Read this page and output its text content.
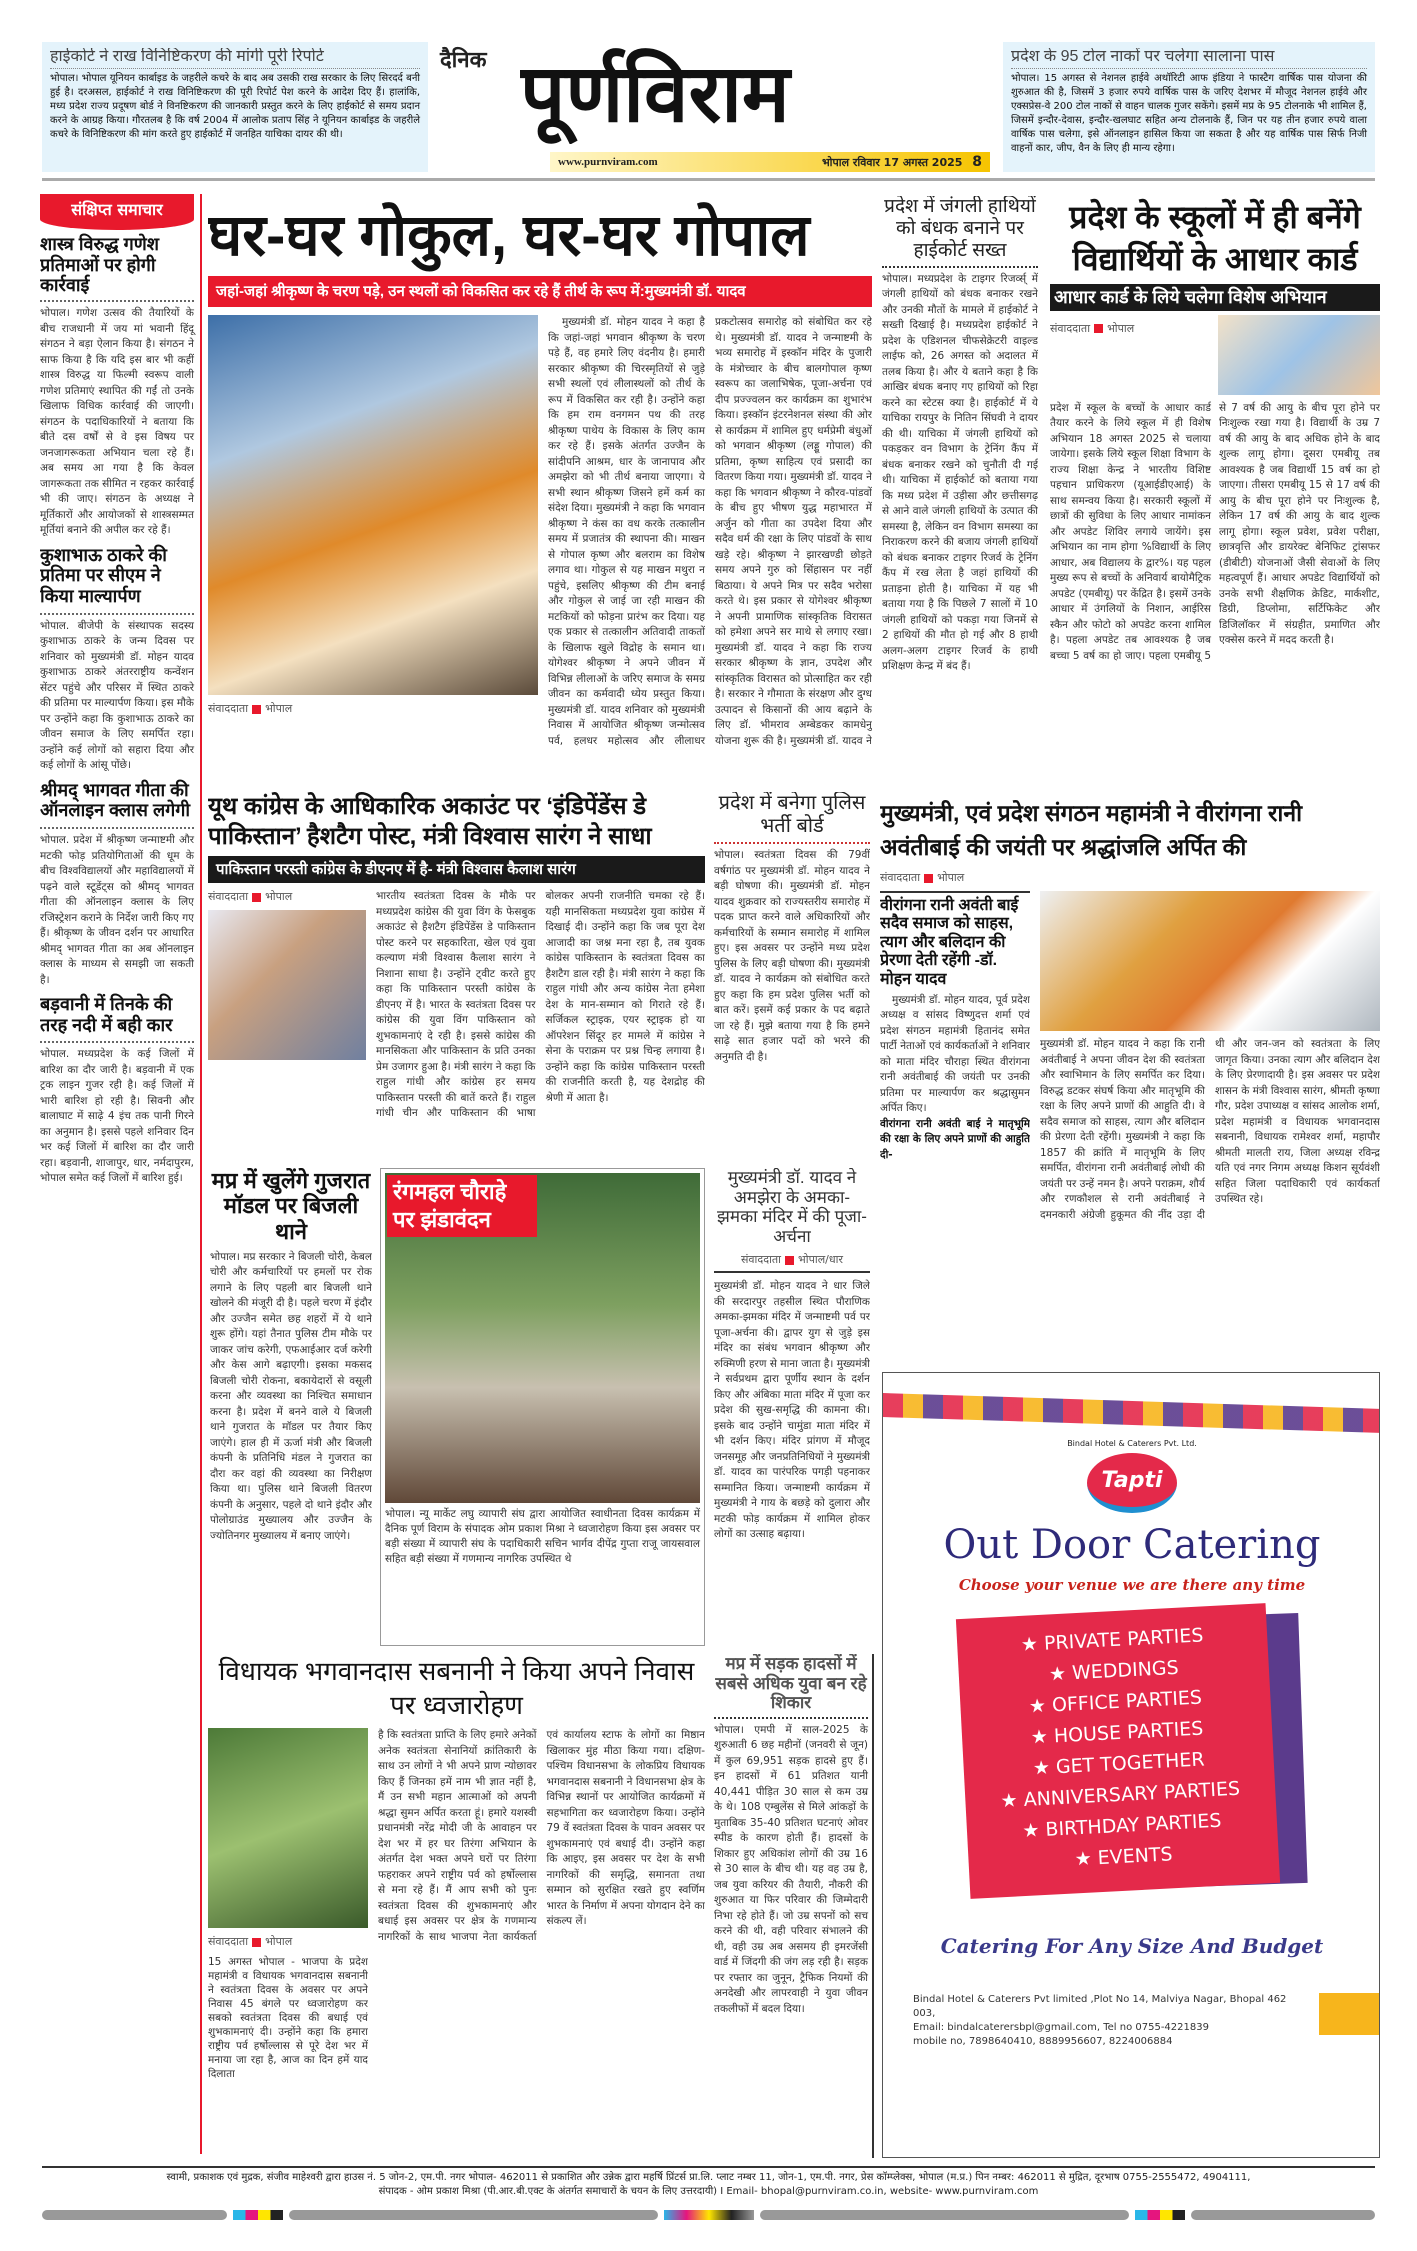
हाईकोर्ट ने राख विनिष्टिकरण की मांगी पूरी रिपोर्ट
भोपाल। भोपाल यूनियन कार्बाइड के जहरीले कचरे के बाद अब उसकी राख सरकार के लिए सिरदर्द बनी हुई है। दरअसल, हाईकोर्ट ने राख विनिष्टिकरण की पूरी रिपोर्ट पेश करने के आदेश दिए हैं। हालांकि, मध्य प्रदेश राज्य प्रदूषण बोर्ड ने विनष्टिकरण की जानकारी प्रस्तुत करने के लिए हाईकोर्ट से समय प्रदान करने के आग्रह किया। गौरतलब है कि वर्ष 2004 में आलोक प्रताप सिंह ने यूनियन कार्बाइड के जहरीले कचरे के विनिष्टिकरण की मांग करते हुए हाईकोर्ट में जनहित याचिका दायर की थी।
दैनिक पूर्णविराम
www.purnviram.com	भोपाल रविवार 17 अगस्त 2025 8
प्रदेश के 95 टोल नाकों पर चलेगा सालाना पास
भोपाल। 15 अगस्त से नेशनल हाईवे अथॉरिटी आफ इंडिया ने फास्टैग वार्षिक पास योजना की शुरुआत की है, जिसमें 3 हजार रुपये वार्षिक पास के जरिए देशभर में मौजूद नेशनल हाईवे और एक्सप्रेस-वे 200 टोल नाकों से वाहन चालक गुजर सकेंगे। इसमें मप्र के 95 टोलनाके भी शामिल हैं, जिसमें इन्दौर-देवास, इन्दौर-खलघाट सहित अन्य टोलनाके हैं, जिन पर यह तीन हजार रुपये वाला वार्षिक पास चलेगा, इसे ऑनलाइन हासिल किया जा सकता है और यह वार्षिक पास सिर्फ निजी वाहनों कार, जीप, वैन के लिए ही मान्य रहेगा।
संक्षिप्त समाचार
शास्त्र विरुद्ध गणेश प्रतिमाओं पर होगी कार्रवाई
भोपाल। गणेश उत्सव की तैयारियों के बीच राजधानी में जय मां भवानी हिंदू संगठन ने बड़ा ऐलान किया है। संगठन ने साफ किया है कि यदि इस बार भी कहीं शास्त्र विरुद्ध या फिल्मी स्वरूप वाली गणेश प्रतिमाएं स्थापित की गईं तो उनके खिलाफ विधिक कार्रवाई की जाएगी। संगठन के पदाधिकारियों ने बताया कि बीते दस वर्षों से वे इस विषय पर जनजागरूकता अभियान चला रहे हैं। अब समय आ गया है कि केवल जागरूकता तक सीमित न रहकर कार्रवाई भी की जाए। संगठन के अध्यक्ष ने मूर्तिकारों और आयोजकों से शास्त्रसम्मत मूर्तियां बनाने की अपील कर रहे हैं।
कुशाभाऊ ठाकरे की प्रतिमा पर सीएम ने किया माल्यार्पण
भोपाल. बीजेपी के संस्थापक सदस्य कुशाभाऊ ठाकरे के जन्म दिवस पर शनिवार को मुख्यमंत्री डॉ. मोहन यादव कुशाभाऊ ठाकरे अंतरराष्ट्रीय कन्वेंशन सेंटर पहुंचे और परिसर में स्थित ठाकरे की प्रतिमा पर माल्यार्पण किया। इस मौके पर उन्होंने कहा कि कुशाभाऊ ठाकरे का जीवन समाज के लिए समर्पित रहा। उन्होंने कई लोगों को सहारा दिया और कई लोगों के आंसू पोंछे।
श्रीमद् भागवत गीता की ऑनलाइन क्लास लगेगी
भोपाल. प्रदेश में श्रीकृष्ण जन्माष्टमी और मटकी फोड़ प्रतियोगिताओं की धूम के बीच विश्वविद्यालयों और महाविद्यालयों में पढ़ने वाले स्टूडेंट्स को श्रीमद् भागवत गीता की ऑनलाइन क्लास के लिए रजिस्ट्रेशन कराने के निर्देश जारी किए गए हैं। श्रीकृष्ण के जीवन दर्शन पर आधारित श्रीमद् भागवत गीता का अब ऑनलाइन क्लास के माध्यम से समझी जा सकती है।
बड़वानी में तिनके की तरह नदी में बही कार
भोपाल. मध्यप्रदेश के कई जिलों में बारिश का दौर जारी है। बड़वानी में एक ट्रक लाइन गुजर रही है। कई जिलों में भारी बारिश हो रही है। सिवनी और बालाघाट में साढ़े 4 इंच तक पानी गिरने का अनुमान है। इससे पहले शनिवार दिन भर कई जिलों में बारिश का दौर जारी रहा। बड़वानी, शाजापुर, धार, नर्मदापुरम, भोपाल समेत कई जिलों में बारिश हुई।
घर-घर गोकुल, घर-घर गोपाल
जहां-जहां श्रीकृष्ण के चरण पड़े, उन स्थलों को विकसित कर रहे हैं तीर्थ के रूप में:मुख्यमंत्री डॉ. यादव
संवाददाता भोपाल
मुख्यमंत्री डॉ. मोहन यादव ने कहा है कि जहां-जहां भगवान श्रीकृष्ण के चरण पड़े हैं, वह हमारे लिए वंदनीय है। हमारी सरकार श्रीकृष्ण की चिरस्मृतियों से जुड़े सभी स्थलों एवं लीलास्थलों को तीर्थ के रूप में विकसित कर रही है। उन्होंने कहा कि हम राम वनगमन पथ की तरह श्रीकृष्ण पाथेय के विकास के लिए काम कर रहे हैं। इसके अंतर्गत उज्जैन के सांदीपनि आश्रम, धार के जानापाव और अमझेरा को भी तीर्थ बनाया जाएगा। ये सभी स्थान श्रीकृष्ण जिसने हमें कर्म का संदेश दिया। मुख्यमंत्री ने कहा कि भगवान श्रीकृष्ण ने कंस का वध करके तत्कालीन समय में प्रजातंत्र की स्थापना की। माखन से गोपाल कृष्ण और बलराम का विशेष लगाव था। गोकुल से यह माखन मथुरा न पहुंचे, इसलिए श्रीकृष्ण की टीम बनाई और गोकुल से जाई जा रही माखन की मटकियों को फोड़ना प्रारंभ कर दिया। यह एक प्रकार से तत्कालीन अतिवादी ताकतों के खिलाफ खुले विद्रोह के समान था। योगेश्वर श्रीकृष्ण ने अपने जीवन में विभिन्न लीलाओं के जरिए समाज के समग्र जीवन का कर्मवादी ध्येय प्रस्तुत किया। मुख्यमंत्री डॉ. यादव शनिवार को मुख्यमंत्री निवास में आयोजित श्रीकृष्ण जन्मोत्सव पर्व, हलधर महोत्सव और लीलाधर प्रकटोत्सव समारोह को संबोधित कर रहे थे। मुख्यमंत्री डॉ. यादव ने जन्माष्टमी के भव्य समारोह में इस्कॉन मंदिर के पुजारी के मंत्रोच्चार के बीच बालगोपाल कृष्ण स्वरूप का जलाभिषेक, पूजा-अर्चना एवं दीप प्रज्ज्वलन कर कार्यक्रम का शुभारंभ किया। इस्कॉन इंटरनेशनल संस्था की ओर से कार्यक्रम में शामिल हुए धर्मप्रेमी बंधुओं को भगवान श्रीकृष्ण (लड्डू गोपाल) की प्रतिमा, कृष्ण साहित्य एवं प्रसादी का वितरण किया गया। मुख्यमंत्री डॉ. यादव ने कहा कि भगवान श्रीकृष्ण ने कौरव-पांडवों के बीच हुए भीषण युद्ध महाभारत में अर्जुन को गीता का उपदेश दिया और सदैव धर्म की रक्षा के लिए पांडवों के साथ खड़े रहे। श्रीकृष्ण ने झारखण्डी छोड़ते समय अपने गुरु को सिंहासन पर नहीं बिठाया। ये अपने मित्र पर सदैव भरोसा करते थे। इस प्रकार से योगेश्वर श्रीकृष्ण ने अपनी प्रामाणिक सांस्कृतिक विरासत को हमेशा अपने सर माथे से लगाए रखा। मुख्यमंत्री डॉ. यादव ने कहा कि राज्य सरकार श्रीकृष्ण के ज्ञान, उपदेश और सांस्कृतिक विरासत को प्रोत्साहित कर रही है। सरकार ने गौमाता के संरक्षण और दुग्ध उत्पादन से किसानों की आय बढ़ाने के लिए डॉ. भीमराव अम्बेडकर कामधेनु योजना शुरू की है। मुख्यमंत्री डॉ. यादव ने
प्रदेश में जंगली हाथियों को बंधक बनाने पर हाईकोर्ट सख्त
भोपाल। मध्यप्रदेश के टाइगर रिजर्व्स् में जंगली हाथियों को बंधक बनाकर रखने और उनकी मौतों के मामले में हाईकोर्ट ने सख्ती दिखाई है। मध्यप्रदेश हाईकोर्ट ने प्रदेश के एडिशनल चीफसेक्रेटरी वाइल्ड लाईफ को, 26 अगस्त को अदालत में तलब किया है। और ये बताने कहा है कि आखिर बंधक बनाए गए हाथियों को रिहा करने का स्टेटस क्या है। हाईकोर्ट में ये याचिका रायपुर के नितिन सिंघवी ने दायर की थी। याचिका में जंगली हाथियों को पकड़कर वन विभाग के ट्रेनिंग कैंप में बंधक बनाकर रखने को चुनौती दी गई थी। याचिका में हाईकोर्ट को बताया गया कि मध्य प्रदेश में उड़ीसा और छत्तीसगढ़ से आने वाले जंगली हाथियों के उत्पात की समस्या है, लेकिन वन विभाग समस्या का निराकरण करने की बजाय जंगली हाथियों को बंधक बनाकर टाइगर रिजर्व के ट्रेनिंग कैंप में रख लेता है जहां हाथियों की प्रताड़ना होती है। याचिका में यह भी बताया गया है कि पिछले 7 सालों में 10 जंगली हाथियों को पकड़ा गया जिनमें से 2 हाथियों की मौत हो गई और 8 हाथी अलग-अलग टाइगर रिजर्व के हाथी प्रशिक्षण केन्द्र में बंद हैं।
प्रदेश के स्कूलों में ही बनेंगे विद्यार्थियों के आधार कार्ड
आधार कार्ड के लिये चलेगा विशेष अभियान
संवाददाता भोपाल
प्रदेश में स्कूल के बच्चों के आधार कार्ड तैयार करने के लिये स्कूल में ही विशेष अभियान 18 अगस्त 2025 से चलाया जायेगा। इसके लिये स्कूल शिक्षा विभाग के राज्य शिक्षा केन्द्र ने भारतीय विशिष्ट पहचान प्राधिकरण (यूआईडीएआई) के साथ समन्वय किया है। सरकारी स्कूलों में छात्रों की सुविधा के लिए आधार नामांकन और अपडेट शिविर लगाये जायेंगे। इस अभियान का नाम होगा %विद्यार्थी के लिए आधार, अब विद्यालय के द्वार%। यह पहल मुख्य रूप से बच्चों के अनिवार्य बायोमैट्रिक अपडेट (एमबीयू) पर केंद्रित है। इसमें उनके आधार में उंगलियों के निशान, आईरिस स्कैन और फोटो को अपडेट करना शामिल है। पहला अपडेट तब आवश्यक है जब बच्चा 5 वर्ष का हो जाए। पहला एमबीयू 5 से 7 वर्ष की आयु के बीच पूरा होने पर निःशुल्क रखा गया है। विद्यार्थी के उम्र 7 वर्ष की आयु के बाद अधिक होने के बाद शुल्क लागू होगा। दूसरा एमबीयू तब आवश्यक है जब विद्यार्थी 15 वर्ष का हो जाएगा। तीसरा एमबीयू 15 से 17 वर्ष की आयु के बीच पूरा होने पर निःशुल्क है, लेकिन 17 वर्ष की आयु के बाद शुल्क लागू होगा। स्कूल प्रवेश, प्रवेश परीक्षा, छात्रवृत्ति और डायरेक्ट बेनिफिट ट्रांसफर (डीबीटी) योजनाओं जैसी सेवाओं के लिए महत्वपूर्ण हैं। आधार अपडेट विद्यार्थियों को उनके सभी शैक्षणिक क्रेडिट, मार्कशीट, डिग्री, डिप्लोमा, सर्टिफिकेट और डिजिलॉकर में संग्रहीत, प्रमाणित और एक्सेस करने में मदद करती है।
यूथ कांग्रेस के आधिकारिक अकाउंट पर ‘इंडिपेंडेंस डे पाकिस्तान’ हैशटैग पोस्ट, मंत्री विश्वास सारंग ने साधा
पाकिस्तान परस्ती कांग्रेस के डीएनए में है- मंत्री विश्वास कैलाश सारंग
संवाददाता भोपाल	भारतीय स्वतंत्रता दिवस के मौके पर मध्यप्रदेश कांग्रेस की युवा विंग के फेसबुक अकाउंट से हैशटैग इंडिपेंडेंस डे पाकिस्तान पोस्ट करने पर सहकारिता, खेल एवं युवा कल्याण मंत्री विश्वास कैलाश सारंग ने निशाना साधा है। उन्होंने ट्वीट करते हुए कहा कि पाकिस्तान परस्ती कांग्रेस के डीएनए में है। भारत के स्वतंत्रता दिवस पर कांग्रेस की युवा विंग पाकिस्तान को शुभकामनाएं दे रही है। इससे कांग्रेस की मानसिकता और पाकिस्तान के प्रति उनका प्रेम उजागर हुआ है। मंत्री सारंग ने कहा कि राहुल गांधी और कांग्रेस हर समय पाकिस्तान परस्ती की बातें करते हैं। राहुल गांधी चीन और पाकिस्तान की भाषा बोलकर अपनी राजनीति चमका रहे हैं। यही मानसिकता मध्यप्रदेश युवा कांग्रेस में दिखाई दी। उन्होंने कहा कि जब पूरा देश आजादी का जश्न मना रहा है, तब युवक कांग्रेस पाकिस्तान के स्वतंत्रता दिवस का हैशटैग डाल रही है। मंत्री सारंग ने कहा कि राहुल गांधी और अन्य कांग्रेस नेता हमेशा देश के मान-सम्मान को गिराते रहे हैं। सर्जिकल स्ट्राइक, एयर स्ट्राइक हो या ऑपरेशन सिंदूर हर मामले में कांग्रेस ने सेना के पराक्रम पर प्रश्न चिन्ह लगाया है। उन्होंने कहा कि कांग्रेस पाकिस्तान परस्ती की राजनीति करती है, यह देशद्रोह की श्रेणी में आता है।
प्रदेश में बनेगा पुलिस भर्ती बोर्ड
भोपाल। स्वतंत्रता दिवस की 79वीं वर्षगांठ पर मुख्यमंत्री डॉ. मोहन यादव ने बड़ी घोषणा की। मुख्यमंत्री डॉ. मोहन यादव शुक्रवार को राज्यस्तरीय समारोह में पदक प्राप्त करने वाले अधिकारियों और कर्मचारियों के सम्मान समारोह में शामिल हुए। इस अवसर पर उन्होंने मध्य प्रदेश पुलिस के लिए बड़ी घोषणा की। मुख्यमंत्री डॉ. यादव ने कार्यक्रम को संबोधित करते हुए कहा कि हम प्रदेश पुलिस भर्ती को बात करें। इसमें कई प्रकार के पद बढ़ाते जा रहे हैं। मुझे बताया गया है कि हमने साढ़े सात हजार पदों को भरने की अनुमति दी है।
मुख्यमंत्री, एवं प्रदेश संगठन महामंत्री ने वीरांगना रानी अवंतीबाई की जयंती पर श्रद्धांजलि अर्पित की
संवाददाता भोपाल
वीरांगना रानी अवंती बाई सदैव समाज को साहस, त्याग और बलिदान की प्रेरणा देती रहेंगी -डॉ. मोहन यादव
मुख्यमंत्री डॉ. मोहन यादव, पूर्व प्रदेश अध्यक्ष व सांसद विष्णुदत्त शर्मा एवं प्रदेश संगठन महामंत्री हितानंद समेत पार्टी नेताओं एवं कार्यकर्ताओं ने शनिवार को माता मंदिर चौराहा स्थित वीरांगना रानी अवंतीबाई की जयंती पर उनकी प्रतिमा पर माल्यार्पण कर श्रद्धासुमन अर्पित किए।
वीरांगना रानी अवंती बाई ने मातृभूमि की रक्षा के लिए अपने प्राणों की आहुति दी-
मुख्यमंत्री डॉ. मोहन यादव ने कहा कि रानी अवंतीबाई ने अपना जीवन देश की स्वतंत्रता और स्वाभिमान के लिए समर्पित कर दिया। विरुद्ध डटकर संघर्ष किया और मातृभूमि की रक्षा के लिए अपने प्राणों की आहुति दी। वे सदैव समाज को साहस, त्याग और बलिदान की प्रेरणा देती रहेंगी। मुख्यमंत्री ने कहा कि 1857 की क्रांति में मातृभूमि के लिए समर्पित, वीरांगना रानी अवंतीबाई लोधी की जयंती पर उन्हें नमन है। अपने पराक्रम, शौर्य और रणकौशल से रानी अवंतीबाई ने दमनकारी अंग्रेजी हुकूमत की नींद उड़ा दी थी और जन-जन को स्वतंत्रता के लिए जागृत किया। उनका त्याग और बलिदान देश के लिए प्रेरणादायी है। इस अवसर पर प्रदेश शासन के मंत्री विश्वास सारंग, श्रीमती कृष्णा गौर, प्रदेश उपाध्यक्ष व सांसद आलोक शर्मा, प्रदेश महामंत्री व विधायक भगवानदास सबनानी, विधायक रामेश्वर शर्मा, महापौर श्रीमती मालती राय, जिला अध्यक्ष रविन्द्र यति एवं नगर निगम अध्यक्ष किशन सूर्यवंशी सहित जिला पदाधिकारी एवं कार्यकर्ता उपस्थित रहे।
मप्र में खुलेंगे गुजरात मॉडल पर बिजली थाने
भोपाल। मप्र सरकार ने बिजली चोरी, केबल चोरी और कर्मचारियों पर हमलों पर रोक लगाने के लिए पहली बार बिजली थाने खोलने की मंजूरी दी है। पहले चरण में इंदौर और उज्जैन समेत छह शहरों में ये थाने शुरू होंगे। यहां तैनात पुलिस टीम मौके पर जाकर जांच करेगी, एफआईआर दर्ज करेगी और केस आगे बढ़ाएगी। इसका मकसद बिजली चोरी रोकना, बकायेदारों से वसूली करना और व्यवस्था का निश्चित समाधान करना है। प्रदेश में बनने वाले ये बिजली थाने गुजरात के मॉडल पर तैयार किए जाएंगे। हाल ही में ऊर्जा मंत्री और बिजली कंपनी के प्रतिनिधि मंडल ने गुजरात का दौरा कर वहां की व्यवस्था का निरीक्षण किया था। पुलिस थाने बिजली वितरण कंपनी के अनुसार, पहले दो थाने इंदौर और पोलोग्राउंड मुख्यालय और उज्जैन के ज्योतिनगर मुख्यालय में बनाए जाएंगे।
रंगमहल चौराहे पर झंडावंदन
भोपाल। न्यू मार्केट लघु व्यापारी संघ द्वारा आयोजित स्वाधीनता दिवस कार्यक्रम में दैनिक पूर्ण विराम के संपादक ओम प्रकाश मिश्रा ने ध्वजारोहण किया इस अवसर पर बड़ी संख्या में व्यापारी संघ के पदाधिकारी सचिन भार्गव दीपेंद्र गुप्ता राजू जायसवाल सहित बड़ी संख्या में गणमान्य नागरिक उपस्थित थे
मुख्यमंत्री डॉ. यादव ने अमझेरा के अमका-झमका मंदिर में की पूजा-अर्चना
संवाददाता भोपाल/धार
मुख्यमंत्री डॉ. मोहन यादव ने धार जिले की सरदारपुर तहसील स्थित पौराणिक अमका-झमका मंदिर में जन्माष्टमी पर्व पर पूजा-अर्चना की। द्वापर युग से जुड़े इस मंदिर का संबंध भगवान श्रीकृष्ण और रुक्मिणी हरण से माना जाता है। मुख्यमंत्री ने सर्वप्रथम द्वारा पूर्णीय स्थान के दर्शन किए और अंबिका माता मंदिर में पूजा कर प्रदेश की सुख-समृद्धि की कामना की। इसके बाद उन्होंने चामुंडा माता मंदिर में भी दर्शन किए। मंदिर प्रांगण में मौजूद जनसमूह और जनप्रतिनिधियों ने मुख्यमंत्री डॉ. यादव का पारंपरिक पगड़ी पहनाकर सम्मानित किया। जन्माष्टमी कार्यक्रम में मुख्यमंत्री ने गाय के बछड़े को दुलारा और मटकी फोड़ कार्यक्रम में शामिल होकर लोगों का उत्साह बढ़ाया।
विधायक भगवानदास सबनानी ने किया अपने निवास पर ध्वजारोहण
संवाददाता भोपाल
15 अगस्त भोपाल - भाजपा के प्रदेश महामंत्री व विधायक भगवानदास सबनानी ने स्वतंत्रता दिवस के अवसर पर अपने निवास 45 बंगले पर ध्वजारोहण कर सबको स्वतंत्रता दिवस की बधाई एवं शुभकामनाएं दी। उन्होंने कहा कि हमारा राष्ट्रीय पर्व हर्षोल्लास से पूरे देश भर में मनाया जा रहा है, आज का दिन हमें याद दिलाता
है कि स्वतंत्रता प्राप्ति के लिए हमारे अनेकों अनेक स्वतंत्रता सेनानियों क्रांतिकारी के साथ उन लोगों ने भी अपने प्राण न्योछावर किए हैं जिनका हमें नाम भी ज्ञात नहीं है, मैं उन सभी महान आत्माओं को अपनी श्रद्धा सुमन अर्पित करता हूं। हमारे यशस्वी प्रधानमंत्री नरेंद्र मोदी जी के आवाहन पर देश भर में हर घर तिरंगा अभियान के अंतर्गत देश भक्त अपने घरों पर तिरंगा फहराकर अपने राष्ट्रीय पर्व को हर्षोल्लास से मना रहे हैं। मैं आप सभी को पुनः स्वतंत्रता दिवस की शुभकामनाएं और बधाई इस अवसर पर क्षेत्र के गणमान्य नागरिकों के साथ भाजपा नेता कार्यकर्ता एवं कार्यालय स्टाफ के लोगों का मिष्ठान खिलाकर मुंह मीठा किया गया। दक्षिण-पश्चिम विधानसभा के लोकप्रिय विधायक भगवानदास सबनानी ने विधानसभा क्षेत्र के विभिन्न स्थानों पर आयोजित कार्यक्रमों में सहभागिता कर ध्वजारोहण किया। उन्होंने 79 वें स्वतंत्रता दिवस के पावन अवसर पर शुभकामनाएं एवं बधाई दी। उन्होंने कहा कि आइए, इस अवसर पर देश के सभी नागरिकों की समृद्धि, समानता तथा सम्मान को सुरक्षित रखते हुए स्वर्णिम भारत के निर्माण में अपना योगदान देने का संकल्प लें।
मप्र में सड़क हादसों में सबसे अधिक युवा बन रहे शिकार
भोपाल। एमपी में साल-2025 के शुरुआती 6 छह महीनों (जनवरी से जून) में कुल 69,951 सड़क हादसे हुए हैं। इन हादसों में 61 प्रतिशत यानी 40,441 पीड़ित 30 साल से कम उम्र के थे। 108 एम्बुलेंस से मिले आंकड़ों के मुताबिक 35-40 प्रतिशत घटनाएं ओवर स्पीड के कारण होती हैं। हादसों के शिकार हुए अधिकांश लोगों की उम्र 16 से 30 साल के बीच थी। यह वह उम्र है, जब युवा करियर की तैयारी, नौकरी की शुरुआत या फिर परिवार की जिम्मेदारी निभा रहे होते हैं। जो उम्र सपनों को सच करने की थी, वही परिवार संभालने की थी, वही उम्र अब असमय ही इमरजेंसी वार्ड में जिंदगी की जंग लड़ रही है। सड़क पर रफ्तार का जुनून, ट्रैफिक नियमों की अनदेखी और लापरवाही ने युवा जीवन तकलीफों में बदल दिया।
Bindal Hotel & Caterers Pvt. Ltd.
Tapti
Out Door Catering
Choose your venue we are there any time
★ PRIVATE PARTIES
★ WEDDINGS
★ OFFICE PARTIES
★ HOUSE PARTIES
★ GET TOGETHER
★ ANNIVERSARY PARTIES
★ BIRTHDAY PARTIES
★ EVENTS
Catering For Any Size And Budget
Bindal Hotel & Caterers Pvt limited ,Plot No 14, Malviya Nagar, Bhopal 462 003,
Email: bindalcaterersbpl@gmail.com, Tel no 0755-4221839
mobile no, 7898640410, 8889956607, 8224006884
स्वामी, प्रकाशक एवं मुद्रक, संजीव माहेश्वरी द्वारा हाउस नं. 5 जोन-2, एम.पी. नगर भोपाल- 462011 से प्रकाशित और उन्नेक द्वारा महर्षि प्रिंटर्स प्रा.लि. प्लाट नम्बर 11, जोन-1, एम.पी. नगर, प्रेस कॉम्प्लेक्स, भोपाल (म.प्र.) पिन नम्बर: 462011 से मुद्रित, दूरभाष 0755-2555472, 4904111,
संपादक - ओम प्रकाश मिश्रा (पी.आर.बी.एक्ट के अंतर्गत समाचारों के चयन के लिए उत्तरदायी) I Email- bhopal@purnviram.co.in, website- www.purnviram.com
